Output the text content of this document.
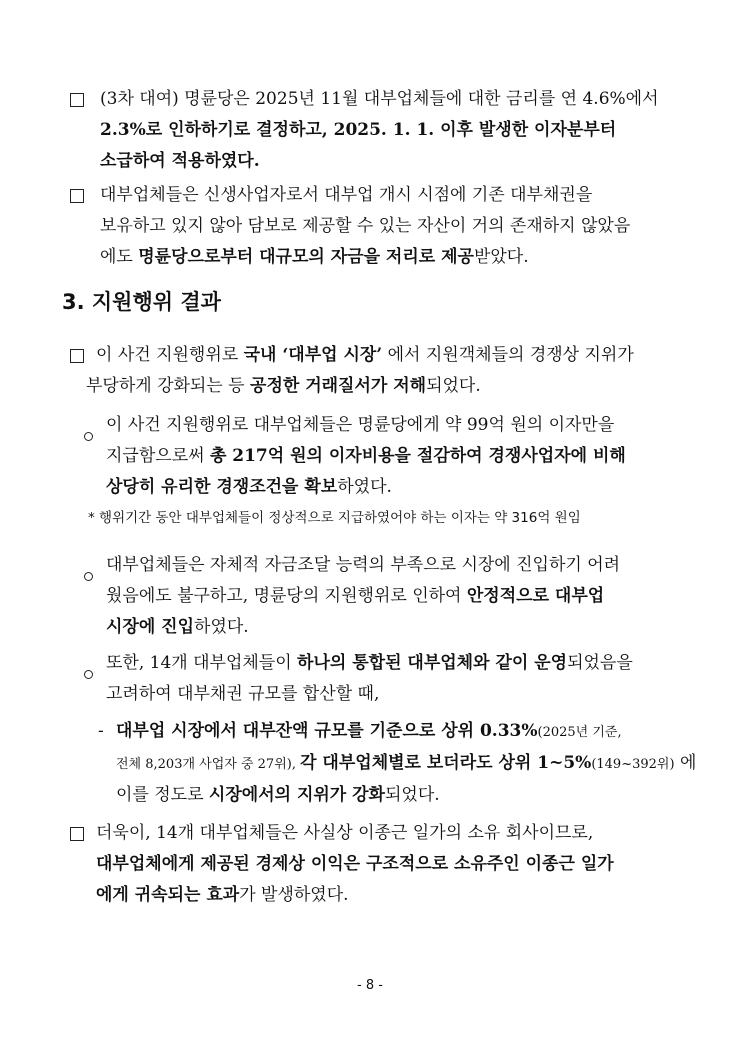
(3차 대여) 명륜당은 2025년 11월 대부업체들에 대한 금리를 연 4.6%에서
2.3%로 인하하기로 결정하고, 2025. 1. 1. 이후 발생한 이자분부터
소급하여 적용하였다.
대부업체들은 신생사업자로서 대부업 개시 시점에 기존 대부채권을
보유하고 있지 않아 담보로 제공할 수 있는 자산이 거의 존재하지 않았음
에도 명륜당으로부터 대규모의 자금을 저리로 제공받았다.
3. 지원행위 결과
이 사건 지원행위로 국내 ‘대부업 시장’ 에서 지원객체들의 경쟁상 지위가
부당하게 강화되는 등 공정한 거래질서가 저해되었다.
이 사건 지원행위로 대부업체들은 명륜당에게 약 99억 원의 이자만을
지급함으로써 총 217억 원의 이자비용을 절감하여 경쟁사업자에 비해
상당히 유리한 경쟁조건을 확보하였다.
* 행위기간 동안 대부업체들이 정상적으로 지급하였어야 하는 이자는 약 316억 원임
대부업체들은 자체적 자금조달 능력의 부족으로 시장에 진입하기 어려
웠음에도 불구하고, 명륜당의 지원행위로 인하여 안정적으로 대부업
시장에 진입하였다.
또한, 14개 대부업체들이 하나의 통합된 대부업체와 같이 운영되었음을
고려하여 대부채권 규모를 합산할 때,
- 대부업 시장에서 대부잔액 규모를 기준으로 상위 0.33%(2025년 기준,
전체 8,203개 사업자 중 27위), 각 대부업체별로 보더라도 상위 1~5%(149~392위) 에
이를 정도로 시장에서의 지위가 강화되었다.
더욱이, 14개 대부업체들은 사실상 이종근 일가의 소유 회사이므로,
대부업체에게 제공된 경제상 이익은 구조적으로 소유주인 이종근 일가
에게 귀속되는 효과가 발생하였다.
- 8 -
